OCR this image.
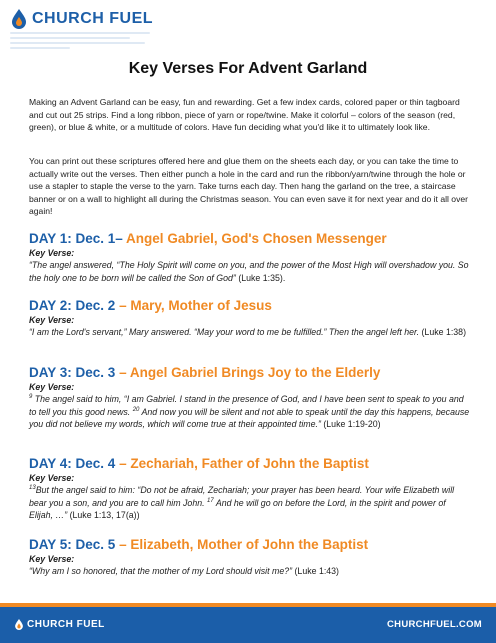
CHURCH FUEL
Key Verses For Advent Garland

Making an Advent Garland can be easy, fun and rewarding. Get a few index cards, colored paper or thin tagboard and cut out 25 strips. Find a long ribbon, piece of yarn or rope/twine. Make it colorful – colors of the season (red, green), or blue & white, or a multitude of colors. Have fun deciding what you'd like it to ultimately look like.

You can print out these scriptures offered here and glue them on the sheets each day, or you can take the time to actually write out the verses. Then either punch a hole in the card and run the ribbon/yarn/twine through the hole or use a stapler to staple the verse to the yarn. Take turns each day. Then hang the garland on the tree, a staircase banner or on a wall to highlight all during the Christmas season. You can even save it for next year and do it all over again!

DAY 1: Dec. 1– Angel Gabriel, God's Chosen Messenger
Key Verse:
“The angel answered, “The Holy Spirit will come on you, and the power of the Most High will overshadow you. So the holy one to be born will be called the Son of God” (Luke 1:35).
DAY 2: Dec. 2 – Mary, Mother of Jesus
Key Verse:
“I am the Lord's servant,” Mary answered. “May your word to me be fulfilled.” Then the angel left her. (Luke 1:38)
DAY 3: Dec. 3 – Angel Gabriel Brings Joy to the Elderly
Key Verse:
$^9$ The angel said to him, “I am Gabriel. I stand in the presence of God, and I have been sent to speak to you and to tell you this good news. $^{20}$ And now you will be silent and not able to speak until the day this happens, because you did not believe my words, which will come true at their appointed time.” (Luke 1:19-20)
DAY 4: Dec. 4 – Zechariah, Father of John the Baptist
Key Verse:
$^{13}$But the angel said to him: “Do not be afraid, Zechariah; your prayer has been heard. Your wife Elizabeth will bear you a son, and you are to call him John. $^{17}$ And he will go on before the Lord, in the spirit and power of Elijah, …” (Luke 1:13, 17(a))
DAY 5: Dec. 5 – Elizabeth, Mother of John the Baptist
Key Verse:
“Why am I so honored, that the mother of my Lord should visit me?” (Luke 1:43)
CHURCH FUEL	CHURCHFUEL.COM
